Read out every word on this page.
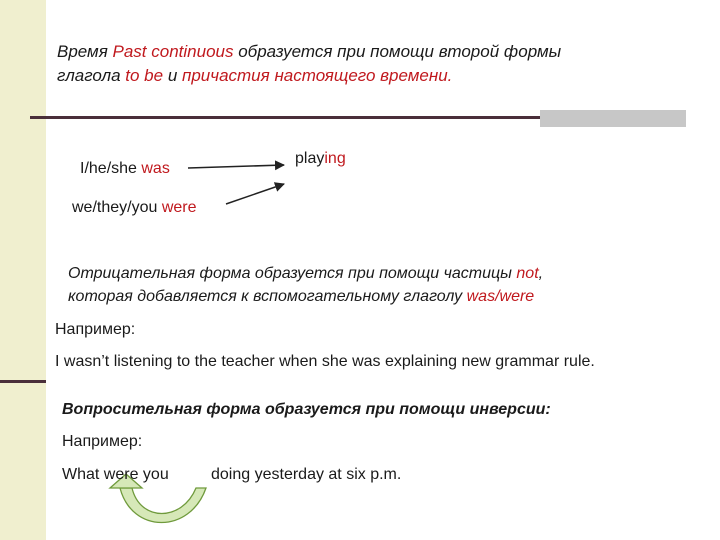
Время Past continuous образуется при помощи второй формы
глагола to be и причастия настоящего времени.
I/he/she was
we/they/you were
playing
Отрицательная форма образуется при помощи частицы not,
которая добавляется к вспомогательному глаголу was/were
Например:
I wasn’t listening to the teacher when she was explaining new grammar rule.
Вопросительная форма образуется при помощи инверсии:
Например:
What were you	doing yesterday at six p.m.
